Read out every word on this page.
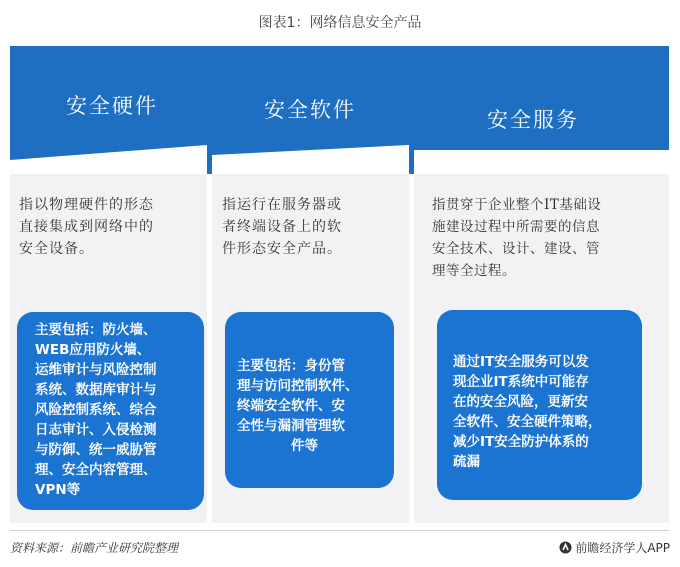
图表1：网络信息安全产品
安全硬件	安全软件	安全服务
指以物理硬件的形态
直接集成到网络中的
安全设备。
指运行在服务器或
者终端设备上的软
件形态安全产品。
指贯穿于企业整个IT基础设
施建设过程中所需要的信息
安全技术、设计、建设、管
理等全过程。
主要包括：防火墙、
WEB应用防火墙、
运维审计与风险控制
系统、数据库审计与
风险控制系统、综合
日志审计、入侵检测
与防御、统一威胁管
理、安全内容管理、
VPN等
主要包括：身份管
理与访问控制软件、
终端安全软件、安
全性与漏洞管理软
件等
通过IT安全服务可以发
现企业IT系统中可能存
在的安全风险，更新安
全软件、安全硬件策略，
减少IT安全防护体系的
疏漏
资料来源：前瞻产业研究院整理	前瞻经济学人APP
